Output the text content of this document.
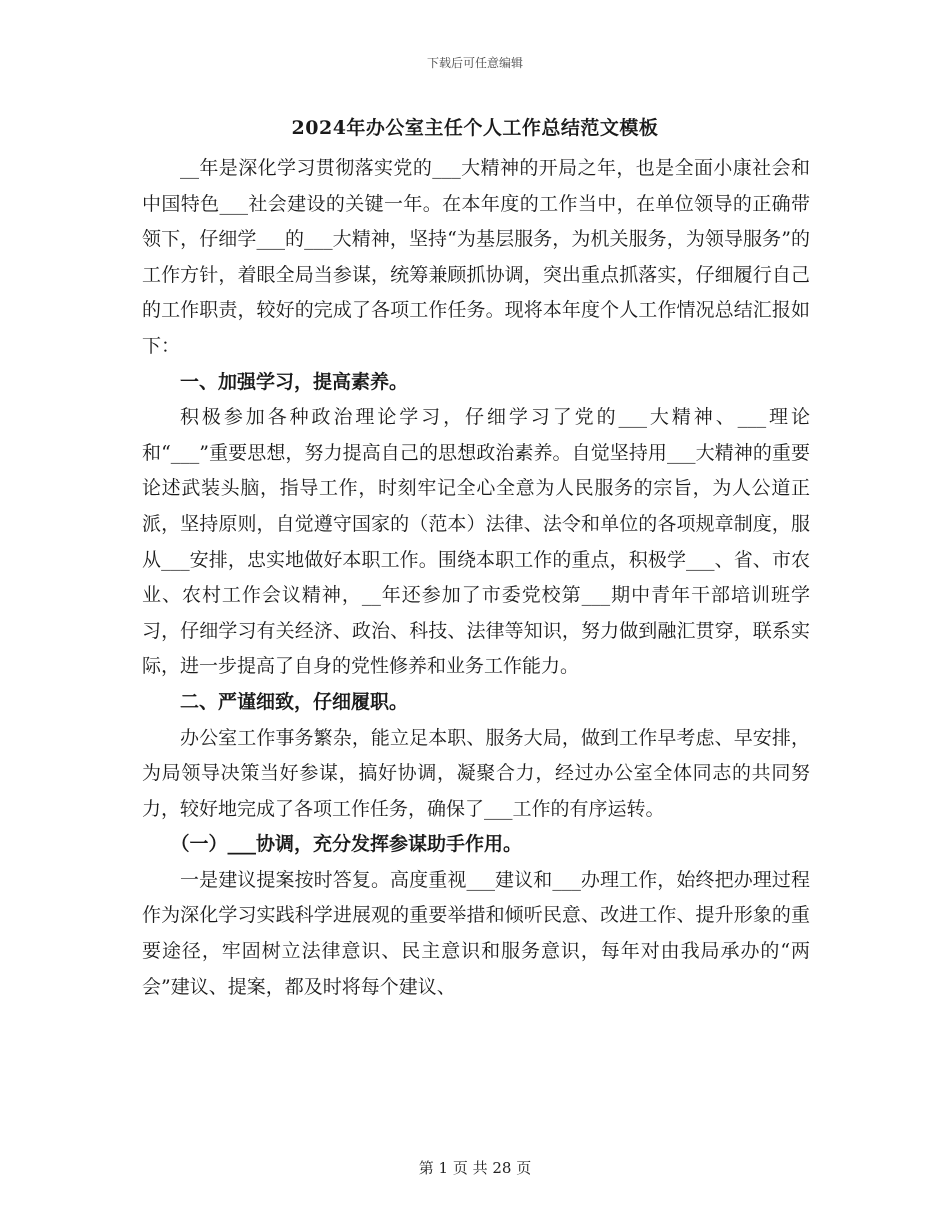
下载后可任意编辑
2024年办公室主任个人工作总结范文模板

__年是深化学习贯彻落实党的___大精神的开局之年，也是全面小康社会和中国特色___社会建设的关键一年。在本年度的工作当中，在单位领导的正确带领下，仔细学___的___大精神，坚持“为基层服务，为机关服务，为领导服务”的工作方针，着眼全局当参谋，统筹兼顾抓协调，突出重点抓落实，仔细履行自己的工作职责，较好的完成了各项工作任务。现将本年度个人工作情况总结汇报如下：

一、加强学习，提高素养。

积极参加各种政治理论学习，仔细学习了党的___大精神、___理论和“___”重要思想，努力提高自己的思想政治素养。自觉坚持用___大精神的重要论述武装头脑，指导工作，时刻牢记全心全意为人民服务的宗旨，为人公道正派，坚持原则，自觉遵守国家的（范本）法律、法令和单位的各项规章制度，服从___安排，忠实地做好本职工作。围绕本职工作的重点，积极学___、省、市农业、农村工作会议精神，__年还参加了市委党校第___期中青年干部培训班学习，仔细学习有关经济、政治、科技、法律等知识，努力做到融汇贯穿，联系实际，进一步提高了自身的党性修养和业务工作能力。

二、严谨细致，仔细履职。

办公室工作事务繁杂，能立足本职、服务大局，做到工作早考虑、早安排，为局领导决策当好参谋，搞好协调，凝聚合力，经过办公室全体同志的共同努力，较好地完成了各项工作任务，确保了___工作的有序运转。

（一）___协调，充分发挥参谋助手作用。

一是建议提案按时答复。高度重视___建议和___办理工作，始终把办理过程作为深化学习实践科学进展观的重要举措和倾听民意、改进工作、提升形象的重要途径，牢固树立法律意识、民主意识和服务意识，每年对由我局承办的“两会”建议、提案，都及时将每个建议、

第 1 页 共 28 页
